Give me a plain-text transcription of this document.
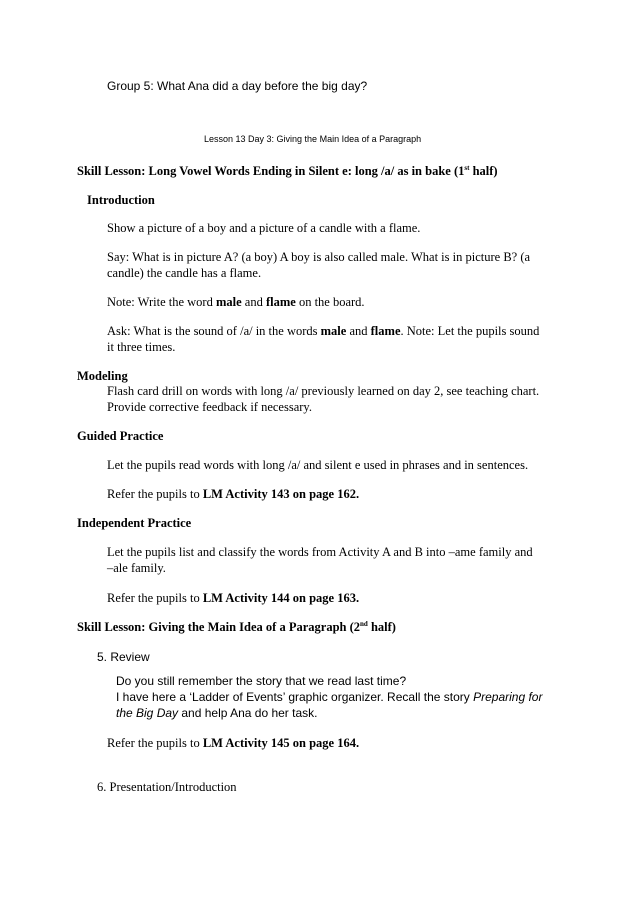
Group 5: What Ana did a day before the big day?
Lesson 13 Day 3: Giving the Main Idea of a Paragraph
Skill Lesson: Long Vowel Words Ending in Silent e: long /a/ as in bake (1st half)
Introduction
Show a picture of a boy and a picture of a candle with a flame.
Say: What is in picture A? (a boy) A boy is also called male. What is in picture B? (a
candle) the candle has a flame.
Note: Write the word male and flame on the board.
Ask: What is the sound of /a/ in the words male and flame. Note: Let the pupils sound
it three times.
Modeling
Flash card drill on words with long /a/ previously learned on day 2, see teaching chart.
Provide corrective feedback if necessary.
Guided Practice
Let the pupils read words with long /a/ and silent e used in phrases and in sentences.
Refer the pupils to LM Activity 143 on page 162.
Independent Practice
Let the pupils list and classify the words from Activity A and B into –ame family and
–ale family.
Refer the pupils to LM Activity 144 on page 163.
Skill Lesson: Giving the Main Idea of a Paragraph (2nd half)
5. Review
Do you still remember the story that we read last time?
I have here a ‘Ladder of Events’ graphic organizer. Recall the story Preparing for
the Big Day and help Ana do her task.
Refer the pupils to LM Activity 145 on page 164.
6. Presentation/Introduction
